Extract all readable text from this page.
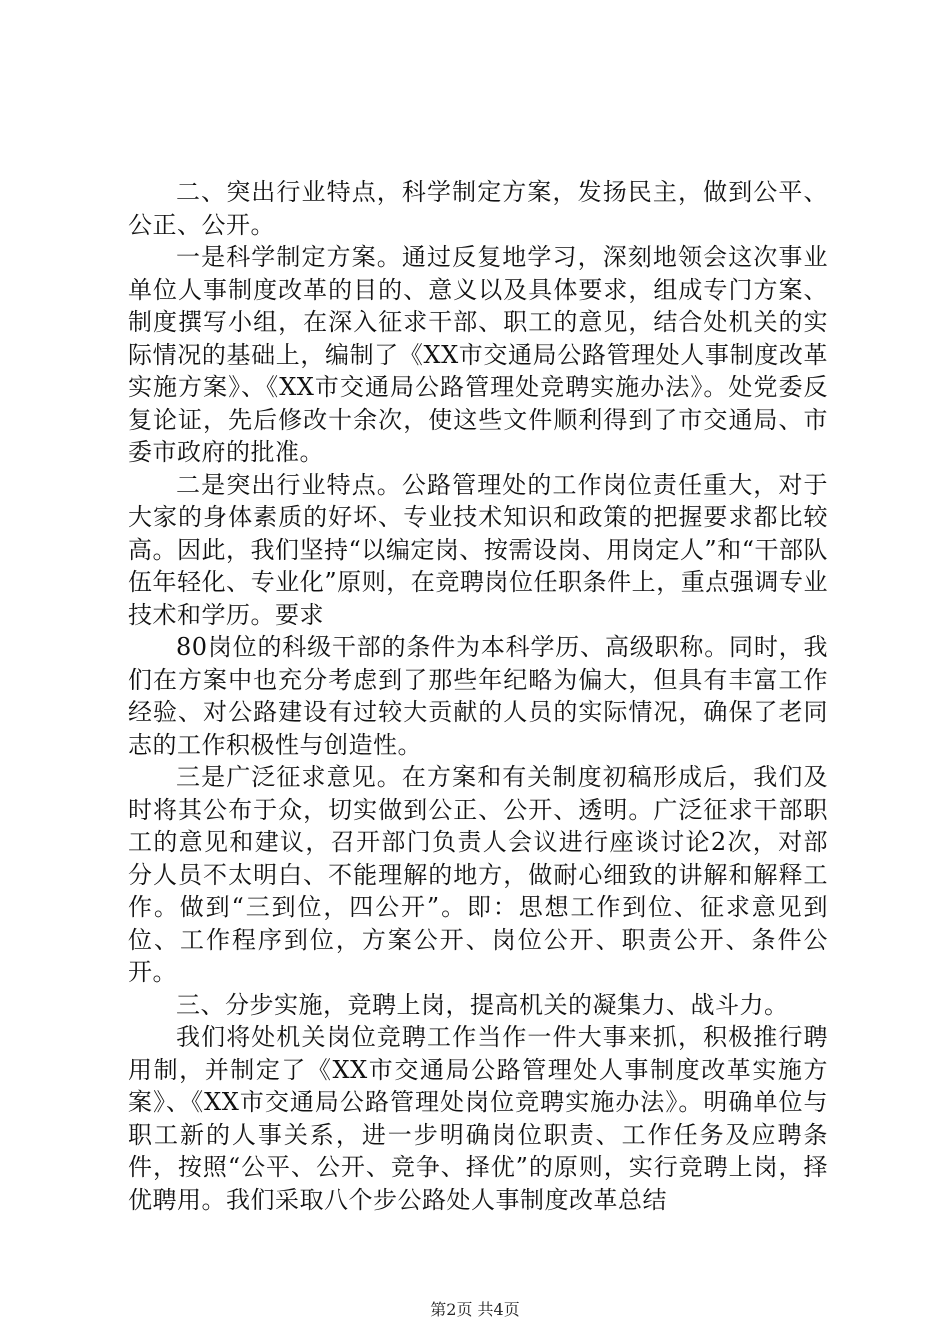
二、突出行业特点，科学制定方案，发扬民主，做到公平、公正、公开。

一是科学制定方案。通过反复地学习，深刻地领会这次事业单位人事制度改革的目的、意义以及具体要求，组成专门方案、制度撰写小组，在深入征求干部、职工的意见，结合处机关的实际情况的基础上，编制了《XX市交通局公路管理处人事制度改革实施方案》、《XX市交通局公路管理处竞聘实施办法》。处党委反复论证，先后修改十余次，使这些文件顺利得到了市交通局、市委市政府的批准。

二是突出行业特点。公路管理处的工作岗位责任重大，对于大家的身体素质的好坏、专业技术知识和政策的把握要求都比较高。因此，我们坚持“以编定岗、按需设岗、用岗定人”和“干部队伍年轻化、专业化”原则，在竞聘岗位任职条件上，重点强调专业技术和学历。要求

80岗位的科级干部的条件为本科学历、高级职称。同时，我们在方案中也充分考虑到了那些年纪略为偏大，但具有丰富工作经验、对公路建设有过较大贡献的人员的实际情况，确保了老同志的工作积极性与创造性。

三是广泛征求意见。在方案和有关制度初稿形成后，我们及时将其公布于众，切实做到公正、公开、透明。广泛征求干部职工的意见和建议，召开部门负责人会议进行座谈讨论2次，对部分人员不太明白、不能理解的地方，做耐心细致的讲解和解释工作。做到“三到位，四公开”。即：思想工作到位、征求意见到位、工作程序到位，方案公开、岗位公开、职责公开、条件公开。

三、分步实施，竞聘上岗，提高机关的凝集力、战斗力。

我们将处机关岗位竞聘工作当作一件大事来抓，积极推行聘用制，并制定了《XX市交通局公路管理处人事制度改革实施方案》、《XX市交通局公路管理处岗位竞聘实施办法》。明确单位与职工新的人事关系，进一步明确岗位职责、工作任务及应聘条件，按照“公平、公开、竞争、择优”的原则，实行竞聘上岗，择优聘用。我们采取八个步公路处人事制度改革总结

第2页 共4页
